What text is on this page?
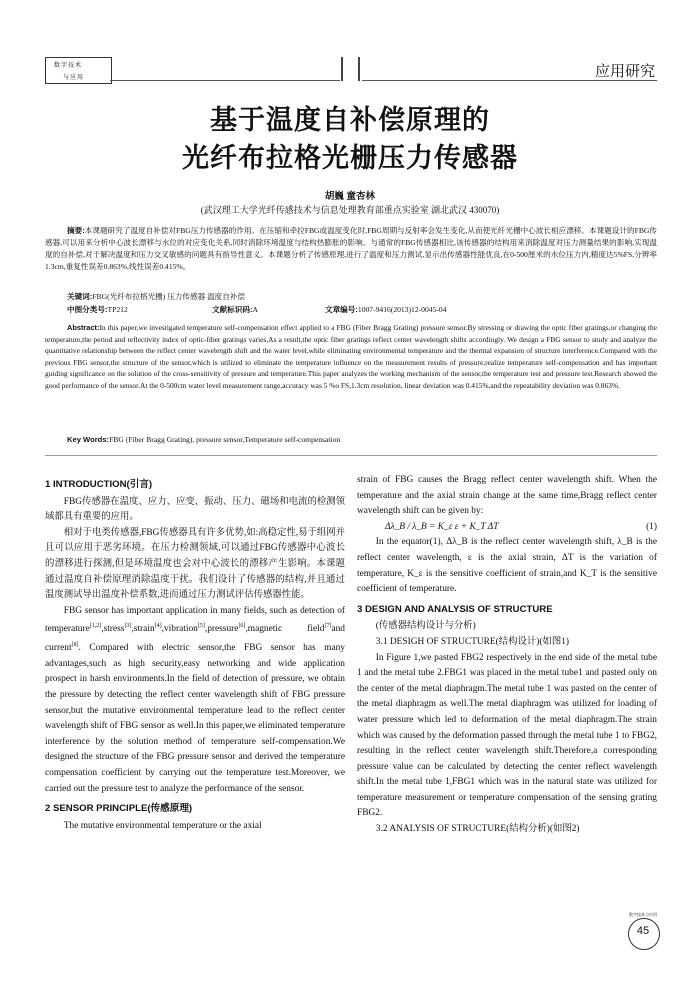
数字技术
与应用	应用研究
基于温度自补偿原理的
光纤布拉格光栅压力传感器
胡巍 童杏林
(武汉理工大学光纤传感技术与信息处理教育部重点实验室 湖北武汉 430070)
摘要:本课题研究了温度自补偿对FBG压力传感器的作用。在压缩和牵拉FBG或温度变化时,FBG周期与反射率会发生变化,从而使光纤光栅中心波长相应漂移。本课题设计的FBG传感器,可以用来分析中心波长漂移与水位的对应变化关系,同时消除环境温度与结构热膨胀的影响。与通常的FBG传感器相比,该传感器的结构用来消除温度对压力测量结果的影响,实现温度的自补偿,对于解决温度和压力交叉敏感的问题具有指导性意义。本课题分析了传感原理,进行了温度和压力测试,显示出传感器性能优良,在0-500厘米的水位压力内,精度达5%FS,分辨率1.3cm,重复性误差0.863%,线性误差0.415%。
关键词:FBG(光纤布拉格光栅) 压力传感器 温度自补偿
中图分类号:TP212	文献标识码:A	文章编号:1007-9416(2013)12-0045-04
Abstract:In this paper,we investigated temperature self-compensation effect applied to a FBG (Fiber Bragg Grating) pressure sensor.By stressing or drawing the optic fiber gratings,or changing the temperature,the period and reflectivity index of optic-fiber gratings varies,As a result,the optic fiber gratings reflect center wavelength shifts accordingly. We design a FBG sensor to study and analyze the quantitative relationship between the reflect center wavelength shift and the water level,while eliminating environmental temperature and the thermal expansion of structure interference.Compared with the previous FBG sensor,the structure of the sensor,which is utilized to eliminate the temperature influence on the measurement results of pressure,realize temperature self-compensation and has important guiding significance on the solution of the cross-sensitivity of pressure and temperature.This paper analyzes the working mechanism of the sensor,the temperature test and pressure test.Research showed the good performance of the sensor.At the 0-500cm water level measurement range,accuracy was 5 %o FS,1.3cm resolution, linear deviation was 0.415%,and the repeatability deviation was 0.863%.
Key Words:FBG (Fiber Bragg Grating), pressure sensor,Temperature self-compensation
1 INTRODUCTION(引言)

FBG传感器在温度、应力、应变、振动、压力、磁场和电流的检测领域都具有重要的应用。

相对于电类传感器,FBG传感器具有许多优势,如:高稳定性,易于组网并且可以应用于恶劣环境。在压力检测领域,可以通过FBG传感器中心波长的漂移进行探测,但是环境温度也会对中心波长的漂移产生影响。本课题通过温度自补偿原理消除温度干扰。我们设计了传感器的结构,并且通过温度测试导出温度补偿系数,进而通过压力测试评估传感器性能。

FBG sensor has important application in many fields, such as detection of temperature[1,2],stress[3],strain[4],vibration[5],pressure[6],magnetic field[7]and current[8]. Compared with electric sensor,the FBG sensor has many advantages,such as high security,easy networking and wide application prospect in harsh environments.In the field of detection of pressure, we obtain the pressure by detecting the reflect center wavelength shift of FBG pressure sensor,but the mutative environmental temperature lead to the reflect center wavelength shift of FBG sensor as well.In this paper,we eliminated temperature interference by the solution method of temperature self-compensation.We designed the structure of the FBG pressure sensor and derived the temperature compensation coefficient by carrying out the temperature test.Moreover, we carried out the pressure test to analyze the performance of the sensor.

2 SENSOR PRINCIPLE(传感原理)

The mutative environmental temperature or the axial

strain of FBG causes the Bragg reflect center wavelength shift. When the temperature and the axial strain change at the same time,Bragg reflect center wavelength shift can be given by:

Δλ_B / λ_B = K_ε ε + K_T ΔT	(1)

In the equator(1), Δλ_B is the reflect center wavelength shift, λ_B is the reflect center wavelength, ε is the axial strain, ΔT is the variation of temperature, K_ε is the sensitive coefficient of strain,and K_T is the sensitive coefficient of temperature.

3 DESIGN AND ANALYSIS OF STRUCTURE

(传感器结构设计与分析)

3.1 DESIGH OF STRUCTURE(结构设计)(如图1)

In Figure 1,we pasted FBG2 respectively in the end side of the metal tube 1 and the metal tube 2.FBG1 was placed in the metal tube1 and pasted only on the center of the metal diaphragm.The metal tube 1 was pasted on the center of the metal diaphragm as well.The metal diaphragm was utilized for loading of water pressure which led to deformation of the metal diaphragm.The strain which was caused by the deformation passed through the metal tube 1 to FBG2, resulting in the reflect center wavelength shift.Therefore,a corresponding pressure value can be calculated by detecting the center reflect wavelength shift.In the metal tube 1,FBG1 which was in the natural state was utilized for temperature measurement or temperature compensation of the sensing grating FBG2.

3.2 ANALYSIS OF STRUCTURE(结构分析)(如图2)

数字技术与应用
45
